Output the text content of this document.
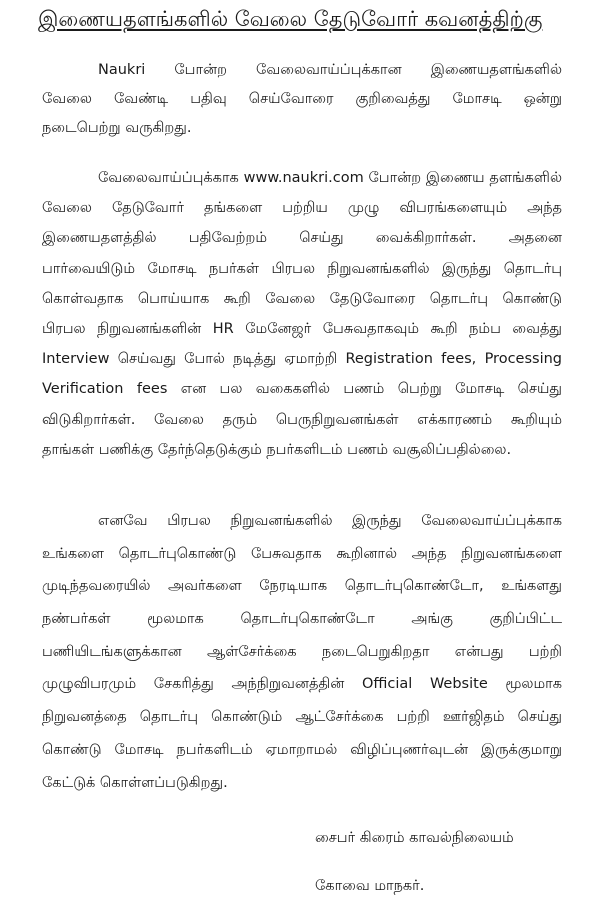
இணையதளங்களில் வேலை தேடுவோர் கவனத்திற்கு
Naukri போன்ற வேலைவாய்ப்புக்கான இணையதளங்களில்
வேலை வேண்டி பதிவு செய்வோரை குறிவைத்து மோசடி ஒன்று
நடைபெற்று வருகிறது.
வேலைவாய்ப்புக்காக www.naukri.com போன்ற இணைய தளங்களில்
வேலை தேடுவோர் தங்களை பற்றிய முழு விபரங்களையும் அந்த
இணையதளத்தில் பதிவேற்றம் செய்து வைக்கிறார்கள். அதனை
பார்வையிடும் மோசடி நபர்கள் பிரபல நிறுவனங்களில் இருந்து தொடர்பு
கொள்வதாக பொய்யாக கூறி வேலை தேடுவோரை தொடர்பு கொண்டு
பிரபல நிறுவனங்களின் HR மேனேஜர் பேசுவதாகவும் கூறி நம்ப வைத்து
Interview செய்வது போல் நடித்து ஏமாற்றி Registration fees, Processing
Verification fees என பல வகைகளில் பணம் பெற்று மோசடி செய்து
விடுகிறார்கள். வேலை தரும் பெருநிறுவனங்கள் எக்காரணம் கூறியும்
தாங்கள் பணிக்கு தேர்ந்தெடுக்கும் நபர்களிடம் பணம் வசூலிப்பதில்லை.
எனவே பிரபல நிறுவனங்களில் இருந்து வேலைவாய்ப்புக்காக
உங்களை தொடர்புகொண்டு பேசுவதாக கூறினால் அந்த நிறுவனங்களை
முடிந்தவரையில் அவர்களை நேரடியாக தொடர்புகொண்டோ, உங்களது
நண்பர்கள் மூலமாக தொடர்புகொண்டோ அங்கு குறிப்பிட்ட
பணியிடங்களுக்கான ஆள்சேர்க்கை நடைபெறுகிறதா என்பது பற்றி
முழுவிபரமும் சேகரித்து அந்நிறுவனத்தின் Official Website மூலமாக
நிறுவனத்தை தொடர்பு கொண்டும் ஆட்சேர்க்கை பற்றி ஊர்ஜிதம் செய்து
கொண்டு மோசடி நபர்களிடம் ஏமாறாமல் விழிப்புணர்வுடன் இருக்குமாறு
கேட்டுக் கொள்ளப்படுகிறது.
சைபர் கிரைம் காவல்நிலையம்
கோவை மாநகர்.
